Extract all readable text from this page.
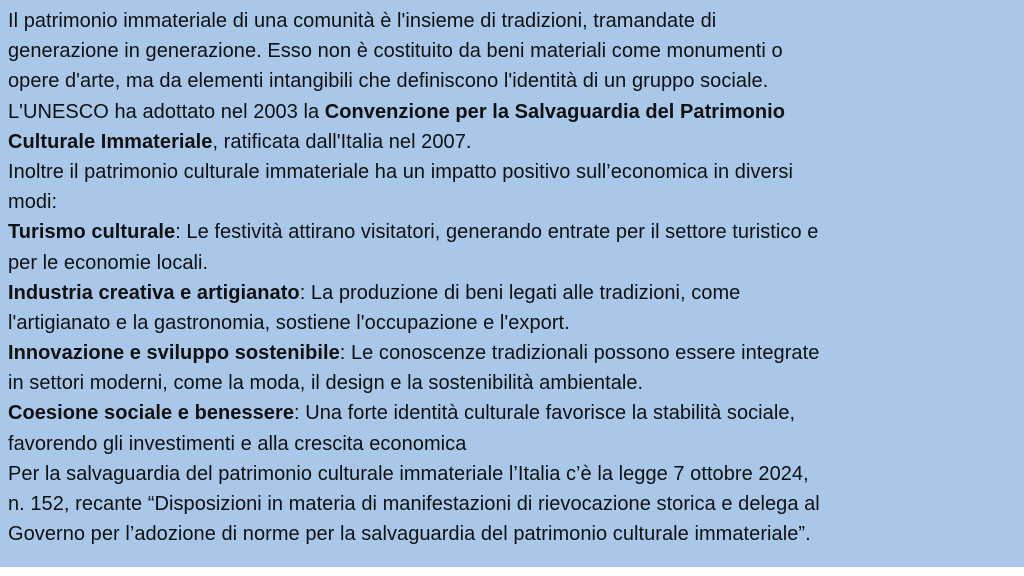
Il patrimonio immateriale di una comunità è l'insieme di tradizioni, tramandate di
generazione in generazione. Esso non è costituito da beni materiali come monumenti o
opere d'arte, ma da elementi intangibili che definiscono l'identità di un gruppo sociale.
L'UNESCO ha adottato nel 2003 la Convenzione per la Salvaguardia del Patrimonio
Culturale Immateriale, ratificata dall'Italia nel 2007.
Inoltre il patrimonio culturale immateriale ha un impatto positivo sull’economica in diversi
modi:
Turismo culturale: Le festività attirano visitatori, generando entrate per il settore turistico e
per le economie locali.
Industria creativa e artigianato: La produzione di beni legati alle tradizioni, come
l'artigianato e la gastronomia, sostiene l'occupazione e l'export.
Innovazione e sviluppo sostenibile: Le conoscenze tradizionali possono essere integrate
in settori moderni, come la moda, il design e la sostenibilità ambientale.
Coesione sociale e benessere: Una forte identità culturale favorisce la stabilità sociale,
favorendo gli investimenti e alla crescita economica
Per la salvaguardia del patrimonio culturale immateriale l’Italia c’è la legge 7 ottobre 2024,
n. 152, recante “Disposizioni in materia di manifestazioni di rievocazione storica e delega al
Governo per l’adozione di norme per la salvaguardia del patrimonio culturale immateriale”.
